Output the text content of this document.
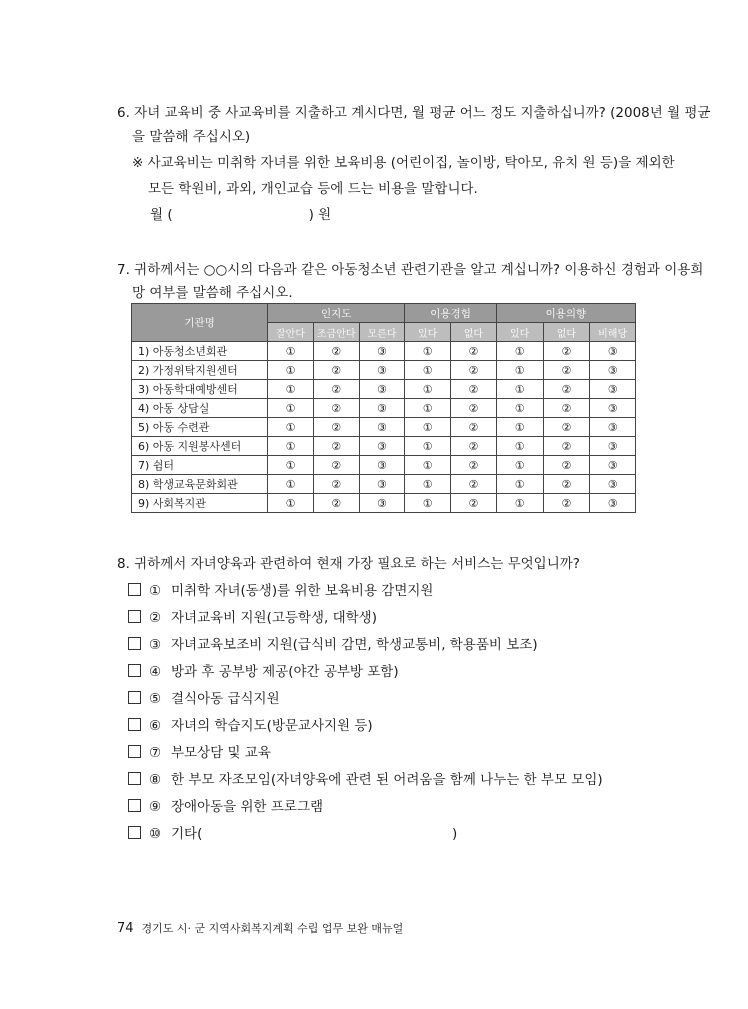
6. 자녀 교육비 중 사교육비를 지출하고 계시다면, 월 평균 어느 정도 지출하십니까? (2008년 월 평균
을 말씀해 주십시오)
※ 사교육비는 미취학 자녀를 위한 보육비용 (어린이집, 놀이방, 탁아모, 유치 원 등)을 제외한
모든 학원비, 과외, 개인교습 등에 드는 비용을 말합니다.
월 (	) 원
7. 귀하께서는 ○○시의 다음과 같은 아동청소년 관련기관을 알고 계십니까? 이용하신 경험과 이용희
망 여부를 말씀해 주십시오.
기관명	인지도			이용경험		이용의향		
	잘안다	조금안다	모른다	있다	없다	있다	없다	비해당
1) 아동청소년회관	①	②	③	①	②	①	②	③
2) 가정위탁지원센터	①	②	③	①	②	①	②	③
3) 아동학대예방센터	①	②	③	①	②	①	②	③
4) 아동 상담실	①	②	③	①	②	①	②	③
5) 아동 수련관	①	②	③	①	②	①	②	③
6) 아동 지원봉사센터	①	②	③	①	②	①	②	③
7) 쉼터	①	②	③	①	②	①	②	③
8) 학생교육문화회관	①	②	③	①	②	①	②	③
9) 사회복지관	①	②	③	①	②	①	②	③
8. 귀하께서 자녀양육과 관련하여 현재 가장 필요로 하는 서비스는 무엇입니까?
① 미취학 자녀(동생)를 위한 보육비용 감면지원
② 자녀교육비 지원(고등학생, 대학생)
③ 자녀교육보조비 지원(급식비 감면, 학생교통비, 학용품비 보조)
④ 방과 후 공부방 제공(야간 공부방 포함)
⑤ 결식아동 급식지원
⑥ 자녀의 학습지도(방문교사지원 등)
⑦ 부모상담 및 교육
⑧ 한 부모 자조모임(자녀양육에 관련 된 어려움을 함께 나누는 한 부모 모임)
⑨ 장애아동을 위한 프로그램
⑩ 기타(	)
74 경기도 시· 군 지역사회복지계획 수립 업무 보완 매뉴얼
